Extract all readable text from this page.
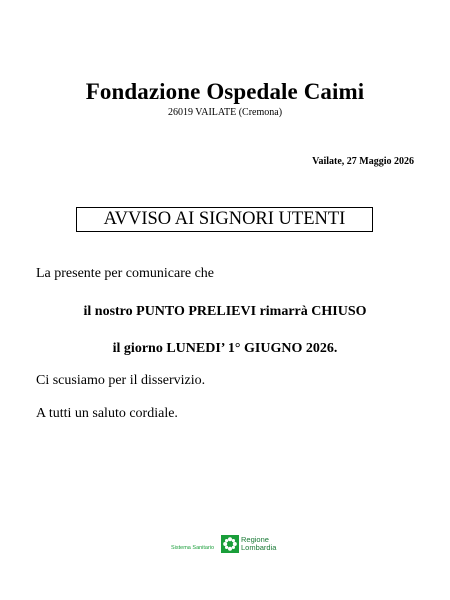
Fondazione Ospedale Caimi
26019 VAILATE (Cremona)
Vailate, 27 Maggio 2026
AVVISO AI SIGNORI UTENTI
La presente per comunicare che
il nostro PUNTO PRELIEVI rimarrà CHIUSO
il giorno LUNEDI’ 1° GIUGNO 2026.
Ci scusiamo per il disservizio.
A tutti un saluto cordiale.
Sistema Sanitario
Regione
Lombardia
